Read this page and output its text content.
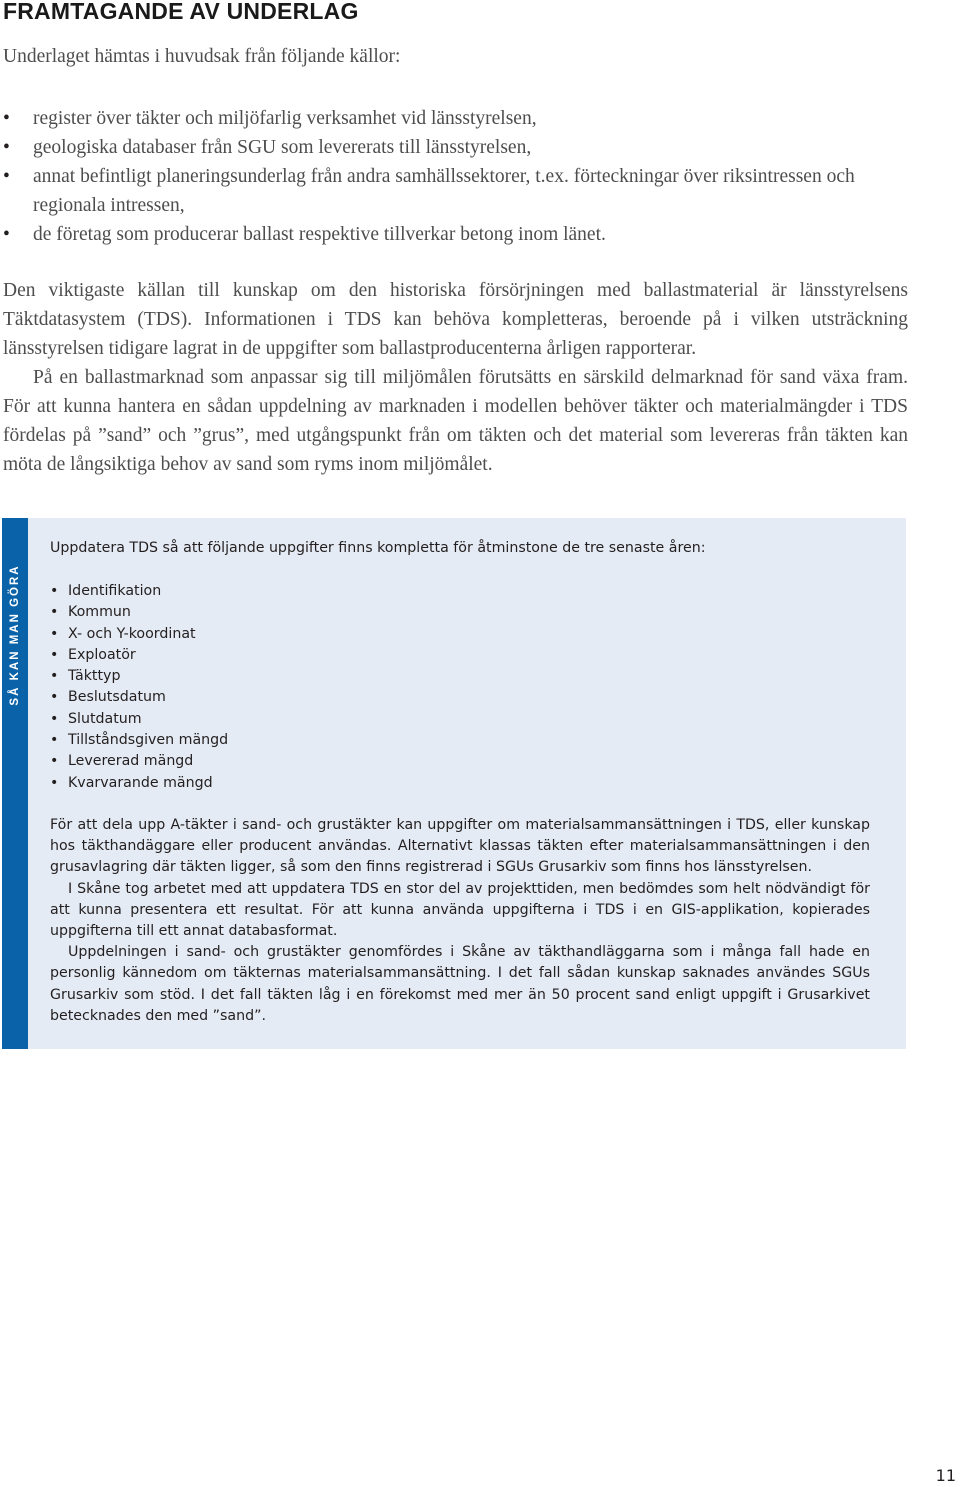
FRAMTAGANDE AV UNDERLAG

Underlaget hämtas i huvudsak från följande källor:

• register över täkter och miljöfarlig verksamhet vid länsstyrelsen,
• geologiska databaser från SGU som levererats till länsstyrelsen,
• annat befintligt planeringsunderlag från andra samhällssektorer, t.ex. förteckningar över riksintressen och regionala intressen,
• de företag som producerar ballast respektive tillverkar betong inom länet.

Den viktigaste källan till kunskap om den historiska försörjningen med ballastmaterial är länsstyrelsens Täktdatasystem (TDS). Informationen i TDS kan behöva kompletteras, beroende på i vilken utsträckning länsstyrelsen tidigare lagrat in de uppgifter som ballastproducenterna årligen rapporterar.

På en ballastmarknad som anpassar sig till miljömålen förutsätts en särskild delmarknad för sand växa fram. För att kunna hantera en sådan uppdelning av marknaden i modellen behöver täkter och materialmängder i TDS fördelas på ”sand” och ”grus”, med utgångspunkt från om täkten och det material som levereras från täkten kan möta de långsiktiga behov av sand som ryms inom miljömålet.

SÅ KAN MAN GÖRA

Uppdatera TDS så att följande uppgifter finns kompletta för åtminstone de tre senaste åren:

• Identifikation
• Kommun
• X- och Y-koordinat
• Exploatör
• Täkttyp
• Beslutsdatum
• Slutdatum
• Tillståndsgiven mängd
• Levererad mängd
• Kvarvarande mängd

För att dela upp A-täkter i sand- och grustäkter kan uppgifter om materialsammansättningen i TDS, eller kunskap hos täkthandäggare eller producent användas. Alternativt klassas täkten efter materialsammansättningen i den grusavlagring där täkten ligger, så som den finns registrerad i SGUs Grusarkiv som finns hos länsstyrelsen.

I Skåne tog arbetet med att uppdatera TDS en stor del av projekttiden, men bedömdes som helt nödvändigt för att kunna presentera ett resultat. För att kunna använda uppgifterna i TDS i en GIS-applikation, kopierades uppgifterna till ett annat databasformat.

Uppdelningen i sand- och grustäkter genomfördes i Skåne av täkthandläggarna som i många fall hade en personlig kännedom om täkternas materialsammansättning. I det fall sådan kunskap saknades användes SGUs Grusarkiv som stöd. I det fall täkten låg i en förekomst med mer än 50 procent sand enligt uppgift i Grusarkivet betecknades den med ”sand”.

11
